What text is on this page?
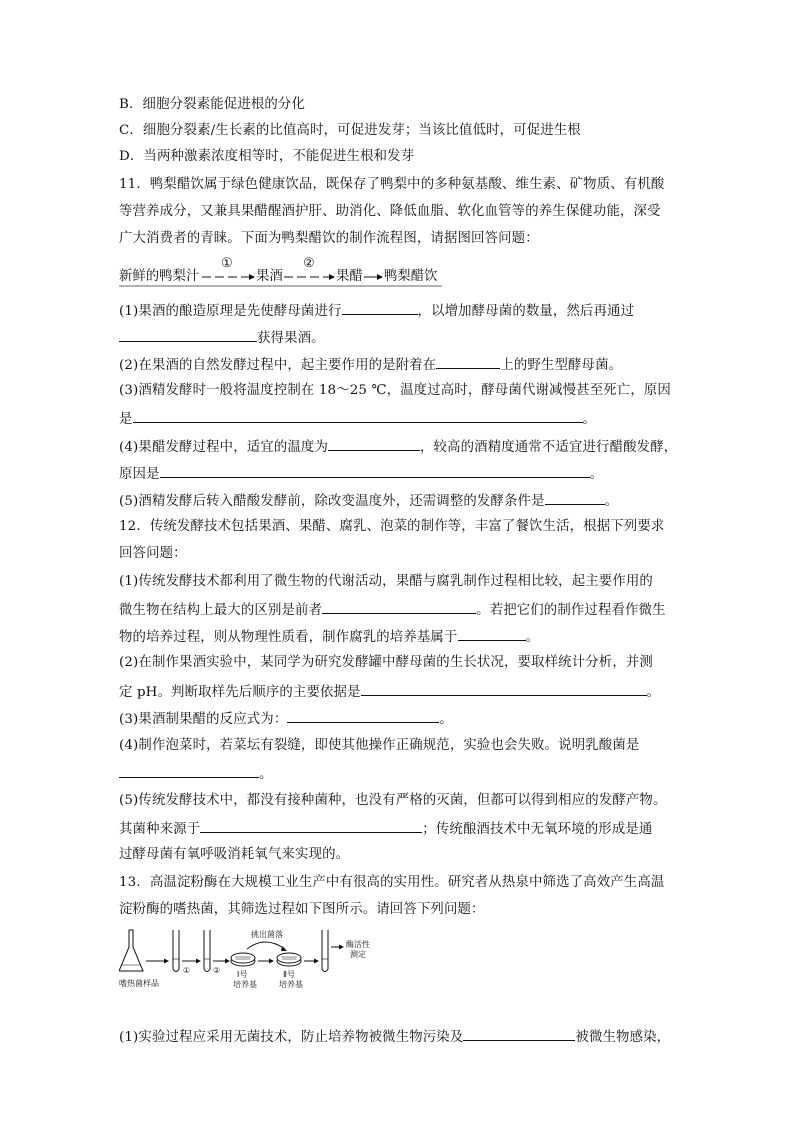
B．细胞分裂素能促进根的分化
C．细胞分裂素/生长素的比值高时，可促进发芽；当该比值低时，可促进生根
D．当两种激素浓度相等时，不能促进生根和发芽
11．鸭梨醋饮属于绿色健康饮品，既保存了鸭梨中的多种氨基酸、维生素、矿物质、有机酸
等营养成分，又兼具果醋醒酒护肝、助消化、降低血脂、软化血管等的养生保健功能，深受
广大消费者的青睐。下面为鸭梨醋饮的制作流程图，请据图回答问题：
新鲜的鸭梨汁
①
果酒
②
果醋 鸭梨醋饮
(1)果酒的酿造原理是先使酵母菌进行	，以增加酵母菌的数量，然后再通过
获得果酒。
(2)在果酒的自然发酵过程中，起主要作用的是附着在	上的野生型酵母菌。
(3)酒精发酵时一般将温度控制在 18～25 ℃，温度过高时，酵母菌代谢减慢甚至死亡，原因
是	。
(4)果醋发酵过程中，适宜的温度为	，较高的酒精度通常不适宜进行醋酸发酵，
原因是	。
(5)酒精发酵后转入醋酸发酵前，除改变温度外，还需调整的发酵条件是	。
12．传统发酵技术包括果酒、果醋、腐乳、泡菜的制作等，丰富了餐饮生活，根据下列要求
回答问题：
(1)传统发酵技术都利用了微生物的代谢活动，果醋与腐乳制作过程相比较，起主要作用的
微生物在结构上最大的区别是前者	。若把它们的制作过程看作微生
物的培养过程，则从物理性质看，制作腐乳的培养基属于	。
(2)在制作果酒实验中，某同学为研究发酵罐中酵母菌的生长状况，要取样统计分析，并测
定 pH。判断取样先后顺序的主要依据是	。
(3)果酒制果醋的反应式为：	。
(4)制作泡菜时，若菜坛有裂缝，即使其他操作正确规范，实验也会失败。说明乳酸菌是
。
(5)传统发酵技术中，都没有接种菌种，也没有严格的灭菌，但都可以得到相应的发酵产物。
其菌种来源于	；传统酿酒技术中无氧环境的形成是通
过酵母菌有氧呼吸消耗氧气来实现的。
13．高温淀粉酶在大规模工业生产中有很高的实用性。研究者从热泉中筛选了高效产生高温
淀粉酶的嗜热菌，其筛选过程如下图所示。请回答下列问题：
嗜热菌样品
①	② Ⅰ号
培养基
挑出菌落
Ⅱ号
培养基
酶活性
测定
(1)实验过程应采用无菌技术，防止培养物被微生物污染及	被微生物感染，
